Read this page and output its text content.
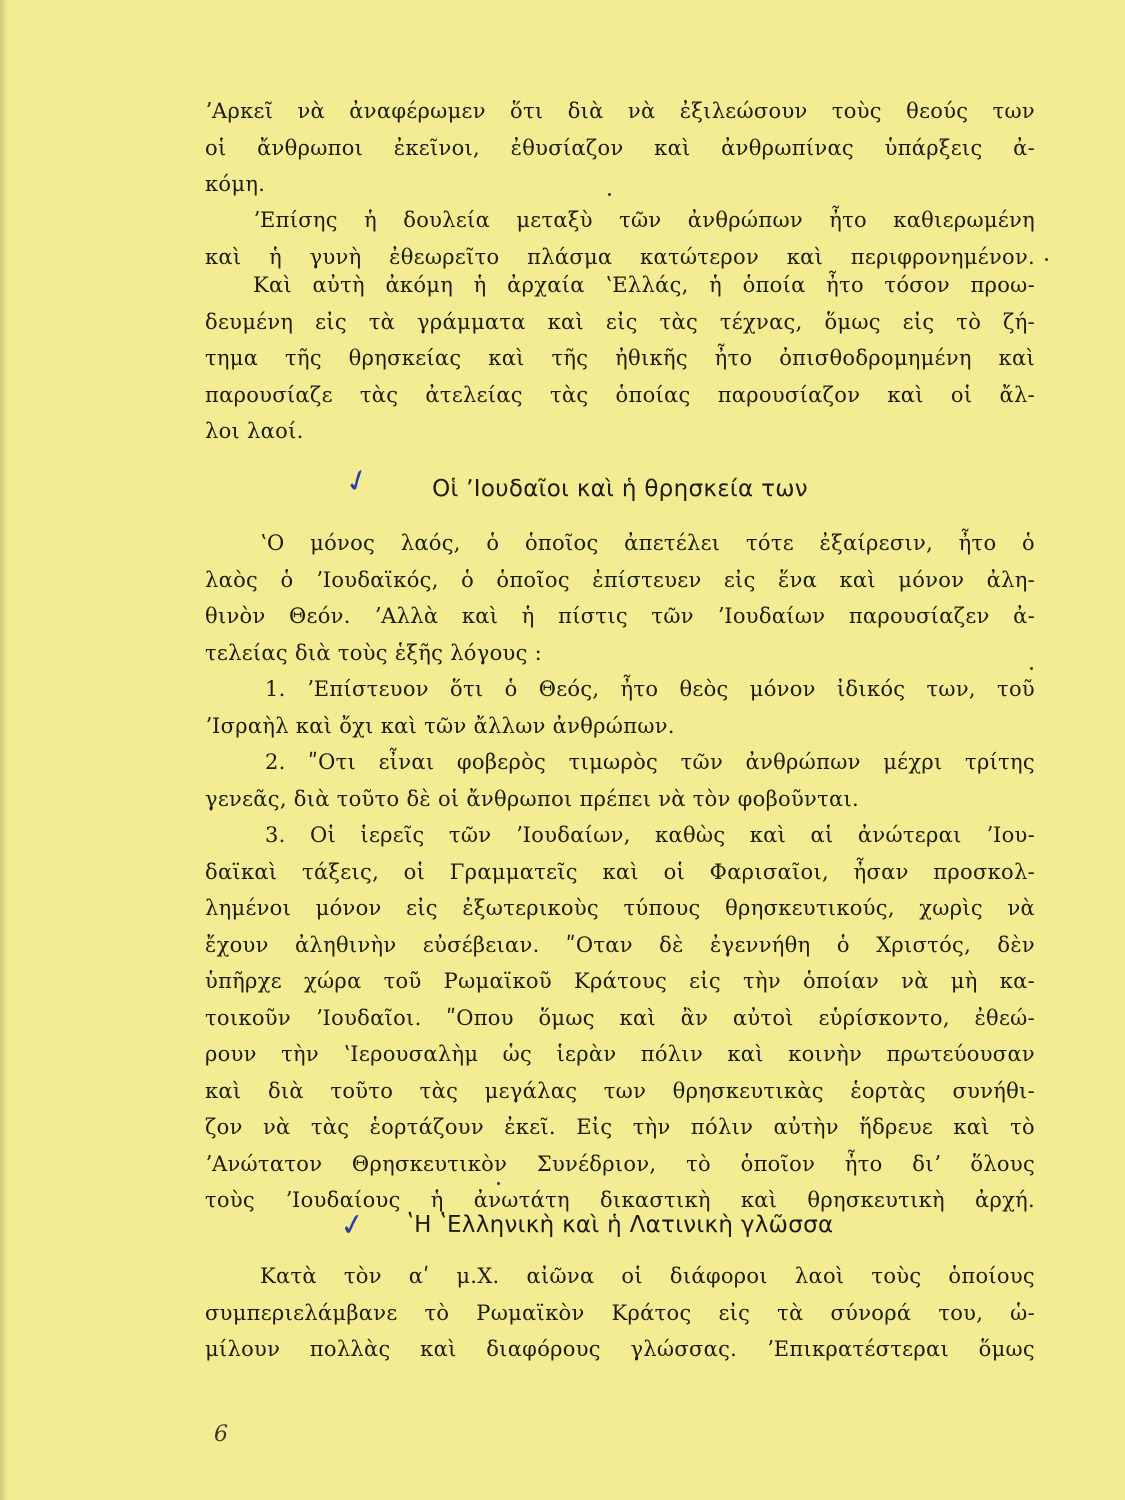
ʼΑρκεῖ νὰ ἀναφέρωμεν ὅτι διὰ νὰ ἐξιλεώσουν τοὺς θεούς των
οἱ ἄνθρωποι ἐκεῖνοι, ἐθυσίαζον καὶ ἀνθρωπίνας ὑπάρξεις ἀ-
κόμη.
ʼΕπίσης ἡ δουλεία μεταξὺ τῶν ἀνθρώπων ἦτο καθιερωμένη
καὶ ἡ γυνὴ ἐθεωρεῖτο πλάσμα κατώτερον καὶ περιφρονημένον.
Καὶ αὐτὴ ἀκόμη ἡ ἀρχαία ʽΕλλάς, ἡ ὁποία ἦτο τόσον προω-
δευμένη εἰς τὰ γράμματα καὶ εἰς τὰς τέχνας, ὅμως εἰς τὸ ζή-
τημα τῆς θρησκείας καὶ τῆς ἠθικῆς ἦτο ὀπισθοδρομημένη καὶ
παρουσίαζε τὰς ἀτελείας τὰς ὁποίας παρουσίαζον καὶ οἱ ἄλ-
λοι λαοί.
✓	Οἱ ʼΙουδαῖοι καὶ ἡ θρησκεία των
ʽΟ μόνος λαός, ὁ ὁποῖος ἀπετέλει τότε ἐξαίρεσιν, ἦτο ὁ
λαὸς ὁ ʼΙουδαϊκός, ὁ ὁποῖος ἐπίστευεν εἰς ἕνα καὶ μόνον ἀλη-
θινὸν Θεόν. ʼΑλλὰ καὶ ἡ πίστις τῶν ʼΙουδαίων παρουσίαζεν ἀ-
τελείας διὰ τοὺς ἑξῆς λόγους :
1. ʼΕπίστευον ὅτι ὁ Θεός, ἦτο θεὸς μόνον ἰδικός των, τοῦ
ʼΙσραὴλ καὶ ὄχι καὶ τῶν ἄλλων ἀνθρώπων.
2. ʺΟτι εἶναι φοβερὸς τιμωρὸς τῶν ἀνθρώπων μέχρι τρίτης
γενεᾶς, διὰ τοῦτο δὲ οἱ ἄνθρωποι πρέπει νὰ τὸν φοβοῦνται.
3. Οἱ ἱερεῖς τῶν ʼΙουδαίων, καθὼς καὶ αἱ ἀνώτεραι ʼΙου-
δαϊκαὶ τάξεις, οἱ Γραμματεῖς καὶ οἱ Φαρισαῖοι, ἦσαν προσκολ-
λημένοι μόνον εἰς ἐξωτερικοὺς τύπους θρησκευτικούς, χωρὶς νὰ
ἔχουν ἀληθινὴν εὐσέβειαν. ʺΟταν δὲ ἐγεννήθη ὁ Χριστός, δὲν
ὑπῆρχε χώρα τοῦ Ρωμαϊκοῦ Κράτους εἰς τὴν ὁποίαν νὰ μὴ κα-
τοικοῦν ʼΙουδαῖοι. ʺΟπου ὅμως καὶ ἂν αὐτοὶ εὑρίσκοντο, ἐθεώ-
ρουν τὴν ʽΙερουσαλὴμ ὡς ἱερὰν πόλιν καὶ κοινὴν πρωτεύουσαν
καὶ διὰ τοῦτο τὰς μεγάλας των θρησκευτικὰς ἑορτὰς συνήθι-
ζον νὰ τὰς ἑορτάζουν ἐκεῖ. Εἰς τὴν πόλιν αὐτὴν ἥδρευε καὶ τὸ
ʼΑνώτατον Θρησκευτικὸν Συνέδριον, τὸ ὁποῖον ἦτο διʼ ὅλους
τοὺς ʼΙουδαίους ἡ ἀνωτάτη δικαστικὴ καὶ θρησκευτικὴ ἀρχή.
✓	ʽΗ ʽΕλληνικὴ καὶ ἡ Λατινικὴ γλῶσσα
Κατὰ τὸν αʹ μ.Χ. αἰῶνα οἱ διάφοροι λαοὶ τοὺς ὁποίους
συμπεριελάμβανε τὸ Ρωμαϊκὸν Κράτος εἰς τὰ σύνορά του, ὡ-
μίλουν πολλὰς καὶ διαφόρους γλώσσας. ʼΕπικρατέστεραι ὅμως
6
